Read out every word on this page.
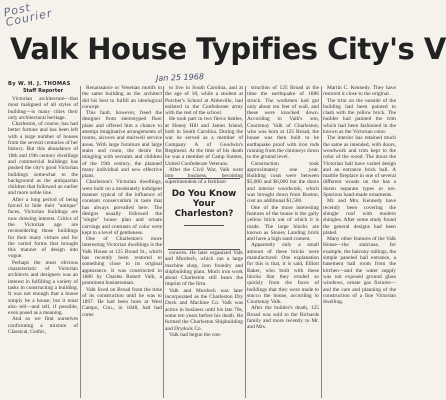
Post Courier
Valk House Typifies City's V
Jan 25 1968
By W. H. J. THOMAS
Staff Reporter

Victorian architecture—that most maligned of all styles of building—is many cities their only architectural heritage.

Charleston, of course, has had better fortune and has been left with a large number of houses from the several centuries of her history. But this abundance of 18th and 19th century dwellings and commercial buildings has pushed the city's good Victorian buildings somewhat to the background as the antiquarian children that followed an earlier and more noble line.

After a long period of being forced to hide their "antique" faces, Victorian buildings are now drawing interest. Critics of the Victorian age are reconsidering those buildings for their many virtues and for the varied forms that brought this manner of design into vogue.

Perhaps the most obvious characteristic of Victorian architects and designers was an interest in fulfilling a variety of tasks in constructing a building. It was not enough that a house simply be a house; but it must also tell—and tell, if possible, even posed as a meaning.

And so we find ourselves confronting a mixture of Classical, Gothic,

Renaissance or Venetian motifs in the same building as the architect did his best to fulfill an ideological concept.

This fault, however, freed the designer from stereotyped floor plans and offered him a chance to attempt imaginative arrangements of rooms, alcoves and stairwell service areas. With large furniture and large stairs and room, the desire for mingling with servants and children of the 19th century, the planned many individual and new effective plans.

Charleston's Victorian dwellings, were built on a moderately indulgent manner typical of the influence of constant conservatism in taste that has always prevailed here. The designs usually followed the "single" house plan and ornate carvings and contrasts of color were kept to a level of gentleness.

One of Charleston's more interesting Victorian dwellings is the Valk House at 125 Broad St., which has recently been restored to something close to its original appearance. It was constructed in 1886 by Charles Robert Valk, a prominent businessman.

Valk lived on Broad from the time of its construction until he was to 1897. He had been born at West Campo, Con., in 1848, had had come

to live in South Carolina, and at the age of 18, while a student at Porcher's School at Abbeville, had enlisted in the Confederate army with the rest of the school.

He took part in two fierce battles, at Honey Hill and James Island, both in South Carolina. During the war he served as a member of Company A of Goodwin's Regiment. At the time of his death he was a member of Camp Sumter, United Confederate Veterans.

After the Civil War, Valk went into business, becoming superintendent of a fertilizer

Do You Know Your Charleston?

concern. He later organized Valk and Murdoch, which ran a large machine shop, iron foundry and shipbuilding plant. Much iron work about Charleston still bears the imprint of the firm.

Valk and Murdoch was later incorporated as the Charleston Dry Dock and Machine Co. Valk was active in business until his late 70s, some ten years before his death. He formed the Charleston Shipbuilding and Drydock Co.

Valk had begun the con-

struction of 125 Broad at the time the earthquake of 1886 struck. The workmen had got only about ten feet of wall, and these were knocked down. According to Valk's son, Courtenay Valk of Charleston, who was born at 125 Broad, the house was then built to be earthquake proof with iron rods running from the chimneys down to the ground level.

Construction took approximately one year. Building costs were between $5,000 and $6,000 but the doors and interior woodwork, which was brought down from Boston, cost an additional $1,500.

One of the more interesting features of the house is the gaily yellow brick out of which it is made. The large blocks are known as Stoney Landing brick and have a high sand content.

Apparently only a small amount of these bricks were manufactured. One explanation for this is that, it is said, Elliott Baker, who built with these blocks that they eroded so quickly from the faces of buildings that they were made to stucco the house, according to Courtenay Valk.

After the builder's death, 125 Broad was sold to the Richards family and more recently to Mr. and Mrs.

Martin C. Kennedy. They have restored it close to the original.

The trim on the outside of the building had been painted to clash with the yellow brick. The builder had painted the trim which had been fashioned in the known as the Victorian color.

The interior has retained much the same as intended, with doors, woodwork and trim kept to the color of the wood. The doors the Victorian hall have varied design and an entrance brick hall. A marble fireplace in one of several different woods on the has a dozen separate types or ure. Spurious hand-made ornaments.

Mr. and Mrs. Kennedy have recently been covering the shingle roof with modern shingles. After some study found the general designs had been plated.

Many other features of the Valk House—the staircase, for example, the balcony railings, the simple paneled hall entrance, a basement hall room from the kitchen—and the water supply was not exposed ground glass windows, ornate gas fixtures—and the care and planning of the construction of a fine Victorian dwelling.
